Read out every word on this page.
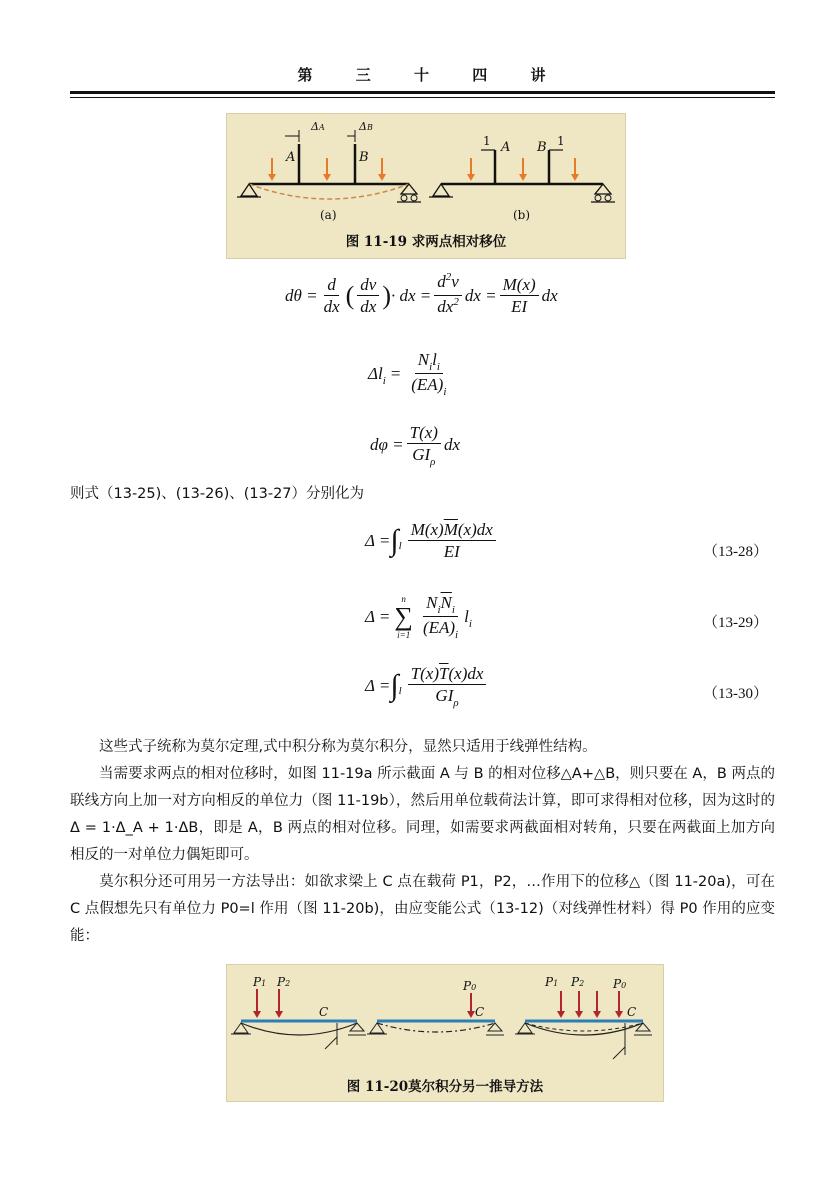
第	三	十	四	讲
ΔA	ΔB
A	B
1 A B 1
(a)	(b)
图 11-19 求两点相对移位
$d\theta = \frac{d}{dx}$ ( $\frac{dv}{dx}$ ) · dx = $\frac{d^2v}{dx^2}$ dx = $\frac{M(x)}{EI}$ dx
$\Delta l_i = \frac{N_il_i}{(EA)_i}$
$d\varphi = \frac{T(x)}{GI_\rho}$ dx
则式（13-25)、(13-26)、(13-27）分别化为
Δ = ∫ l $\frac{M(x)\overline{M}(x)dx}{EI}$	（13-28）
Δ =
n
∑
$i=1 \frac{N_i\overline{N}_i}{(EA)_i} l_i$	（13-29）
Δ = ∫ l $\frac{T(x)\overline{T}(x)dx}{GI_\rho}$	（13-30）
　　这些式子统称为莫尔定理,式中积分称为莫尔积分，显然只适用于线弹性结构。
　　当需要求两点的相对位移时，如图 11-19a 所示截面 A 与 B 的相对位移△A+△B，则只要在 A，B 两点的联线方向上加一对方向相反的单位力（图 11-19b），然后用单位载荷法计算，即可求得相对位移，因为这时的 Δ = 1·Δ_A + 1·ΔB，即是 A，B 两点的相对位移。同理，如需要求两截面相对转角，只要在两截面上加方向相反的一对单位力偶矩即可。
　　莫尔积分还可用另一方法导出：如欲求梁上 C 点在载荷 P1，P2，…作用下的位移△（图 11-20a)，可在 C 点假想先只有单位力 P0=l 作用（图 11-20b)，由应变能公式（13-12)（对线弹性材料）得 P0 作用的应变能：
P1 P2
C
P0
C
P1 P2 P0
C
图 11-20莫尔积分另一推导方法
